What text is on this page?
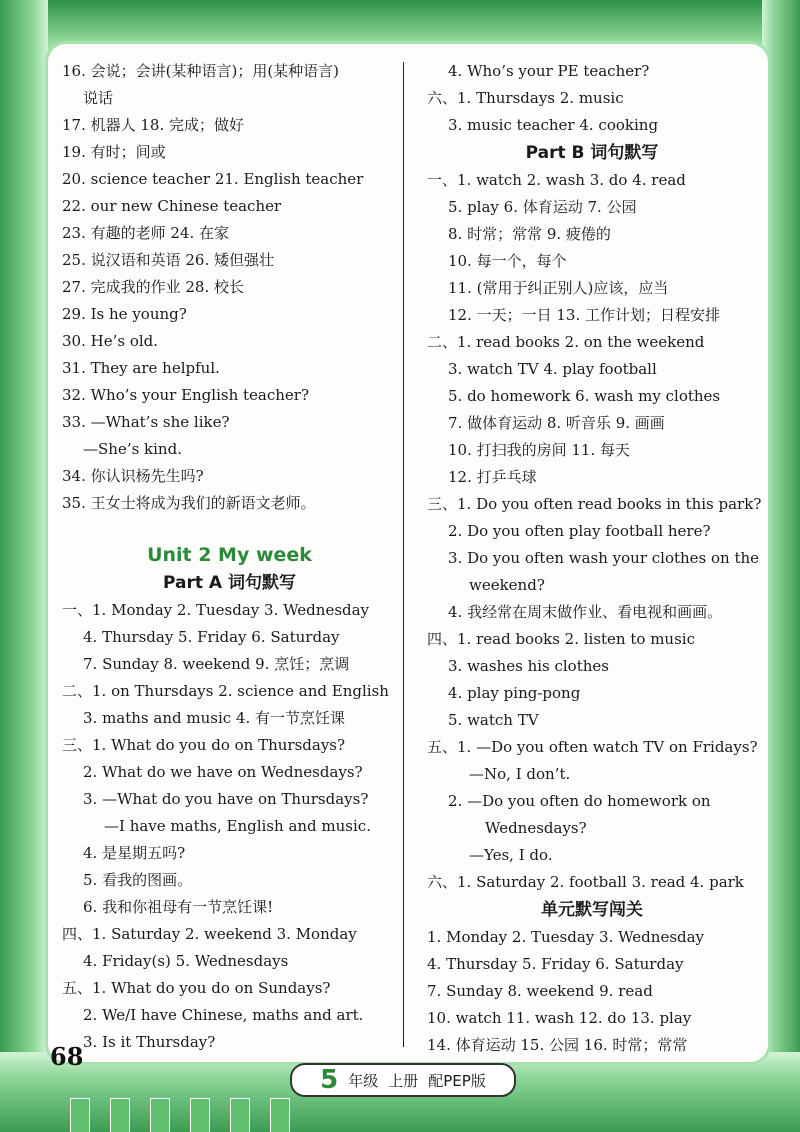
16. 会说；会讲(某种语言)；用(某种语言)
说话
17. 机器人 18. 完成；做好
19. 有时；间或
20. science teacher 21. English teacher
22. our new Chinese teacher
23. 有趣的老师 24. 在家
25. 说汉语和英语 26. 矮但强壮
27. 完成我的作业 28. 校长
29. Is he young?
30. He’s old.
31. They are helpful.
32. Who’s your English teacher?
33. —What’s she like?
—She’s kind.
34. 你认识杨先生吗?
35. 王女士将成为我们的新语文老师。
Unit 2 My week
Part A 词句默写
一、1. Monday 2. Tuesday 3. Wednesday
4. Thursday 5. Friday 6. Saturday
7. Sunday 8. weekend 9. 烹饪；烹调
二、1. on Thursdays 2. science and English
3. maths and music 4. 有一节烹饪课
三、1. What do you do on Thursdays?
2. What do we have on Wednesdays?
3. —What do you have on Thursdays?
—I have maths, English and music.
4. 是星期五吗?
5. 看我的图画。
6. 我和你祖母有一节烹饪课!
四、1. Saturday 2. weekend 3. Monday
4. Friday(s) 5. Wednesdays
五、1. What do you do on Sundays?
2. We/I have Chinese, maths and art.
3. Is it Thursday?
4. Who’s your PE teacher?
六、1. Thursdays 2. music
3. music teacher 4. cooking
Part B 词句默写
一、1. watch 2. wash 3. do 4. read
5. play 6. 体育运动 7. 公园
8. 时常；常常 9. 疲倦的
10. 每一个，每个
11. (常用于纠正别人)应该，应当
12. 一天；一日 13. 工作计划；日程安排
二、1. read books 2. on the weekend
3. watch TV 4. play football
5. do homework 6. wash my clothes
7. 做体育运动 8. 听音乐 9. 画画
10. 打扫我的房间 11. 每天
12. 打乒乓球
三、1. Do you often read books in this park?
2. Do you often play football here?
3. Do you often wash your clothes on the
weekend?
4. 我经常在周末做作业、看电视和画画。
四、1. read books 2. listen to music
3. washes his clothes
4. play ping-pong
5. watch TV
五、1. —Do you often watch TV on Fridays?
—No, I don’t.
2. —Do you often do homework on
Wednesdays?
—Yes, I do.
六、1. Saturday 2. football 3. read 4. park
单元默写闯关
1. Monday 2. Tuesday 3. Wednesday
4. Thursday 5. Friday 6. Saturday
7. Sunday 8. weekend 9. read
10. watch 11. wash 12. do 13. play
14. 体育运动 15. 公园 16. 时常；常常
68
5 年级 上册 配PEP版
